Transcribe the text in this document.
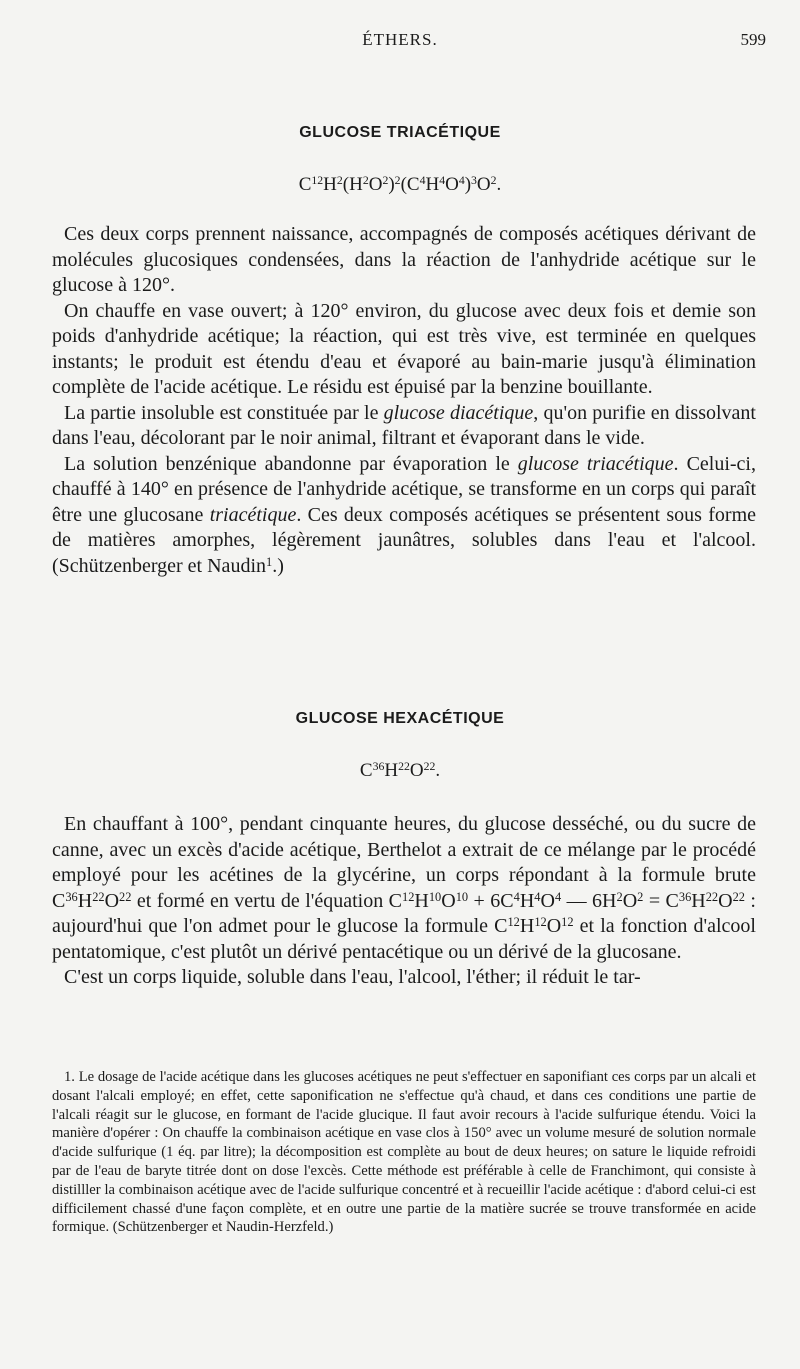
ÉTHERS.	599
GLUCOSE TRIACÉTIQUE
$C^{12}H^2(H^2O^2)^2(C^4H^4O^4)^3O^2$.

Ces deux corps prennent naissance, accompagnés de composés acétiques dérivant de molécules glucosiques condensées, dans la réaction de l'anhydride acétique sur le glucose à 120°.

On chauffe en vase ouvert; à 120° environ, du glucose avec deux fois et demie son poids d'anhydride acétique; la réaction, qui est très vive, est terminée en quelques instants; le produit est étendu d'eau et évaporé au bain-marie jusqu'à élimination complète de l'acide acétique. Le résidu est épuisé par la benzine bouillante.

La partie insoluble est constituée par le glucose diacétique, qu'on purifie en dissolvant dans l'eau, décolorant par le noir animal, filtrant et évaporant dans le vide.

La solution benzénique abandonne par évaporation le glucose triacétique. Celui-ci, chauffé à 140° en présence de l'anhydride acétique, se transforme en un corps qui paraît être une glucosane triacétique. Ces deux composés acétiques se présentent sous forme de matières amorphes, légèrement jaunâtres, solubles dans l'eau et l'alcool. (Schützenberger et Naudin$^1$.)

GLUCOSE HEXACÉTIQUE
$C^{36}H^{22}O^{22}$.

En chauffant à 100°, pendant cinquante heures, du glucose desséché, ou du sucre de canne, avec un excès d'acide acétique, Berthelot a extrait de ce mélange par le procédé employé pour les acétines de la glycérine, un corps répondant à la formule brute $C^{36}H^{22}O^{22}$ et formé en vertu de l'équation $C^{12}H^{10}O^{10} + 6C^4H^4O^4$ — $6H^2O^2 = C^{36}H^{22}O^{22}$ : aujourd'hui que l'on admet pour le glucose la formule $C^{12}H^{12}O^{12}$ et la fonction d'alcool pentatomique, c'est plutôt un dérivé pentacétique ou un dérivé de la glucosane.

C'est un corps liquide, soluble dans l'eau, l'alcool, l'éther; il réduit le tar-

1. Le dosage de l'acide acétique dans les glucoses acétiques ne peut s'effectuer en saponifiant ces corps par un alcali et dosant l'alcali employé; en effet, cette saponification ne s'effectue qu'à chaud, et dans ces conditions une partie de l'alcali réagit sur le glucose, en formant de l'acide glucique. Il faut avoir recours à l'acide sulfurique étendu. Voici la manière d'opérer : On chauffe la combinaison acétique en vase clos à 150° avec un volume mesuré de solution normale d'acide sulfurique (1 éq. par litre); la décomposition est complète au bout de deux heures; on sature le liquide refroidi par de l'eau de baryte titrée dont on dose l'excès. Cette méthode est préférable à celle de Franchimont, qui consiste à distilller la combinaison acétique avec de l'acide sulfurique concentré et à recueillir l'acide acétique : d'abord celui-ci est difficilement chassé d'une façon complète, et en outre une partie de la matière sucrée se trouve transformée en acide formique. (Schützenberger et Naudin-Herzfeld.)
